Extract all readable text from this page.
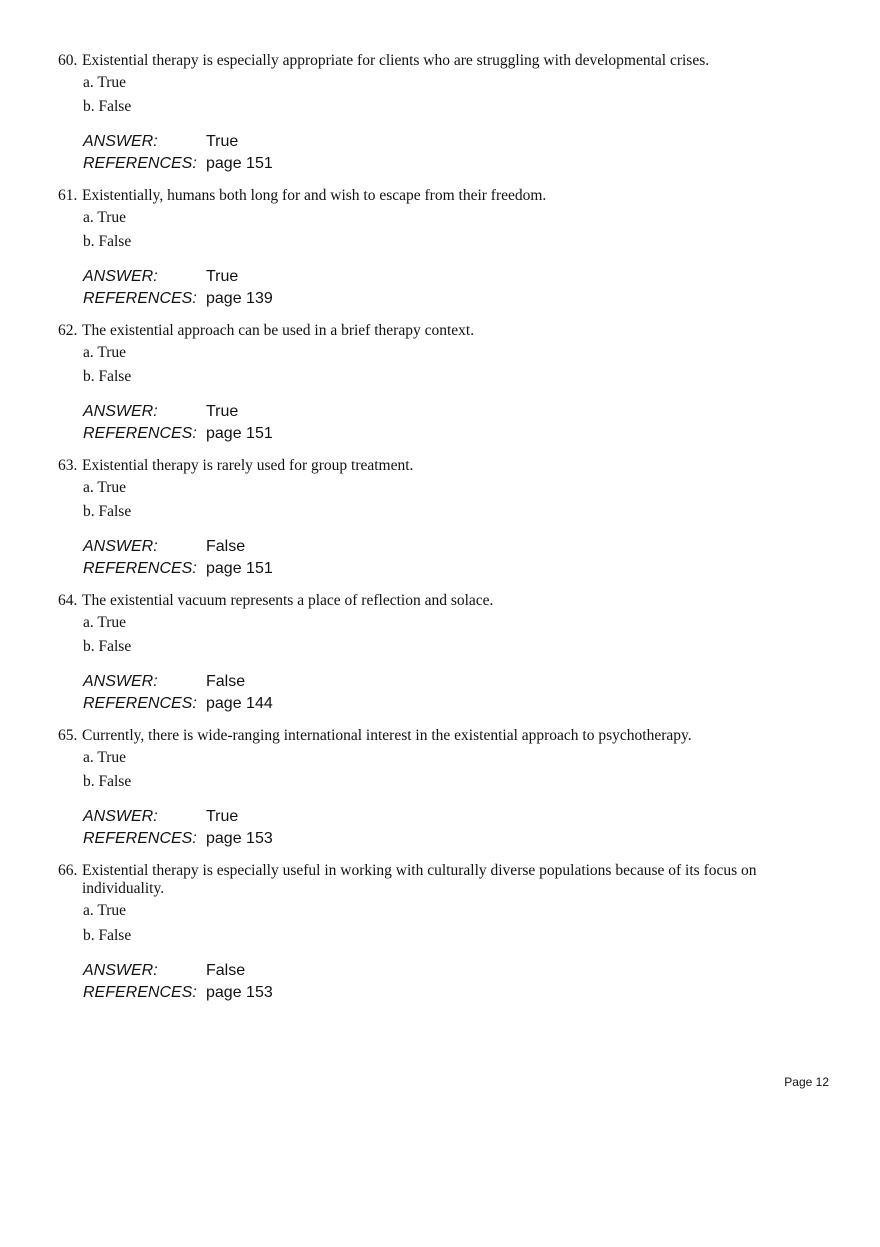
60. Existential therapy is especially appropriate for clients who are struggling with developmental crises.
a. True
b. False
ANSWER:	True
REFERENCES: page 151
61. Existentially, humans both long for and wish to escape from their freedom.
a. True
b. False
ANSWER:	True
REFERENCES: page 139
62. The existential approach can be used in a brief therapy context.
a. True
b. False
ANSWER:	True
REFERENCES: page 151
63. Existential therapy is rarely used for group treatment.
a. True
b. False
ANSWER:	False
REFERENCES: page 151
64. The existential vacuum represents a place of reflection and solace.
a. True
b. False
ANSWER:	False
REFERENCES: page 144
65. Currently, there is wide-ranging international interest in the existential approach to psychotherapy.
a. True
b. False
ANSWER:	True
REFERENCES: page 153
66. Existential therapy is especially useful in working with culturally diverse populations because of its focus on individuality.
a. True
b. False
ANSWER:	False
REFERENCES: page 153
Page 12
